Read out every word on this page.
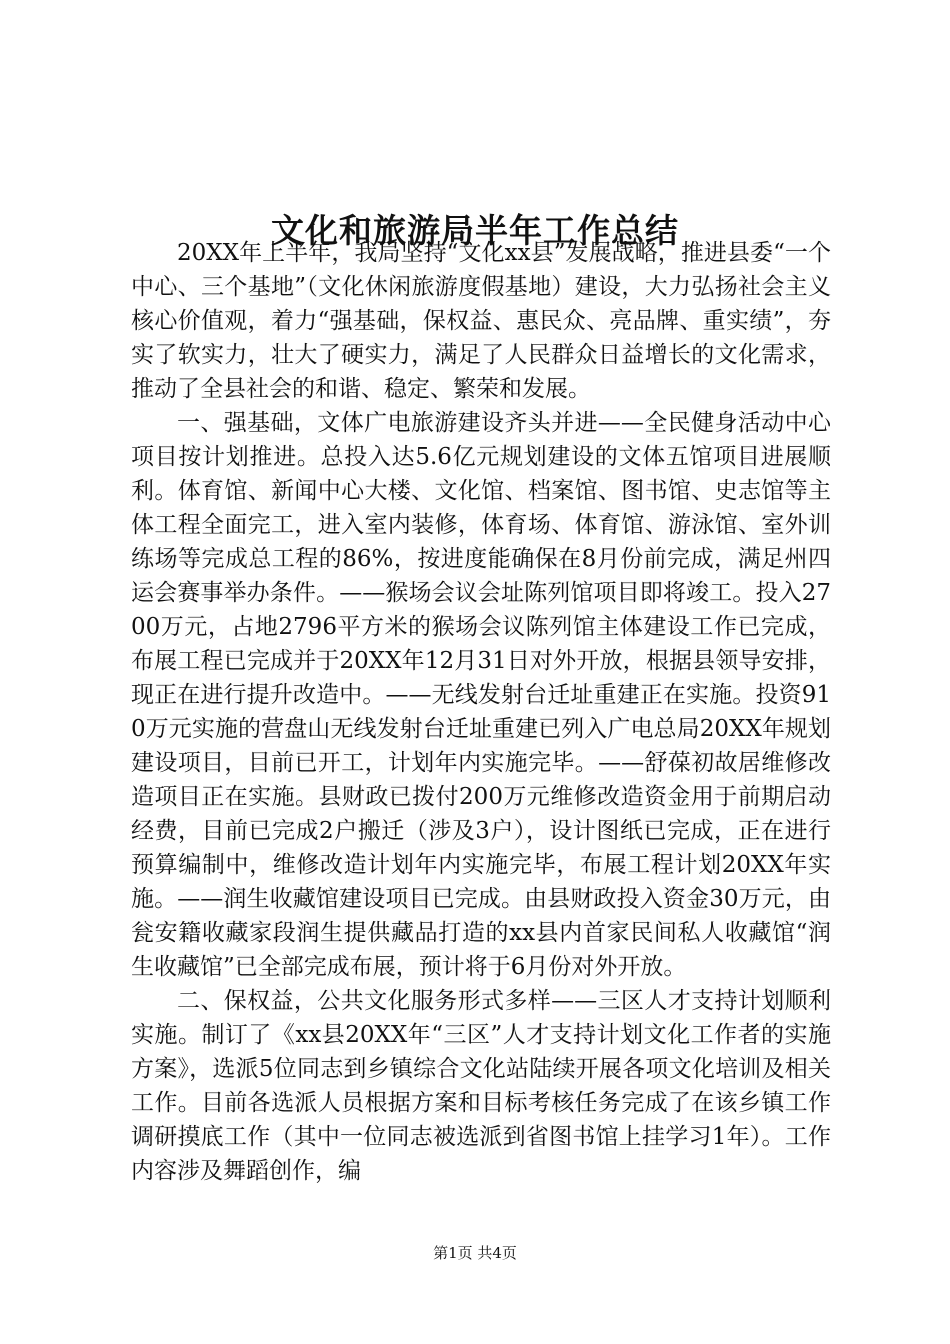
文化和旅游局半年工作总结

20XX年上半年，我局坚持“文化xx县”发展战略，推进县委“一个中心、三个基地”（文化休闲旅游度假基地）建设，大力弘扬社会主义核心价值观，着力“强基础，保权益、惠民众、亮品牌、重实绩”，夯实了软实力，壮大了硬实力，满足了人民群众日益增长的文化需求，推动了全县社会的和谐、稳定、繁荣和发展。

一、强基础，文体广电旅游建设齐头并进——全民健身活动中心项目按计划推进。总投入达5.6亿元规划建设的文体五馆项目进展顺利。体育馆、新闻中心大楼、文化馆、档案馆、图书馆、史志馆等主体工程全面完工，进入室内装修，体育场、体育馆、游泳馆、室外训练场等完成总工程的86%，按进度能确保在8月份前完成，满足州四运会赛事举办条件。——猴场会议会址陈列馆项目即将竣工。投入2700万元，占地2796平方米的猴场会议陈列馆主体建设工作已完成，布展工程已完成并于20XX年12月31日对外开放，根据县领导安排，现正在进行提升改造中。——无线发射台迁址重建正在实施。投资910万元实施的营盘山无线发射台迁址重建已列入广电总局20XX年规划建设项目，目前已开工，计划年内实施完毕。——舒葆初故居维修改造项目正在实施。县财政已拨付200万元维修改造资金用于前期启动经费，目前已完成2户搬迁（涉及3户），设计图纸已完成，正在进行预算编制中，维修改造计划年内实施完毕，布展工程计划20XX年实施。——润生收藏馆建设项目已完成。由县财政投入资金30万元，由瓮安籍收藏家段润生提供藏品打造的xx县内首家民间私人收藏馆“润生收藏馆”已全部完成布展，预计将于6月份对外开放。

二、保权益，公共文化服务形式多样——三区人才支持计划顺利实施。制订了《xx县20XX年“三区”人才支持计划文化工作者的实施方案》，选派5位同志到乡镇综合文化站陆续开展各项文化培训及相关工作。目前各选派人员根据方案和目标考核任务完成了在该乡镇工作调研摸底工作（其中一位同志被选派到省图书馆上挂学习1年）。工作内容涉及舞蹈创作，编

第1页 共4页
